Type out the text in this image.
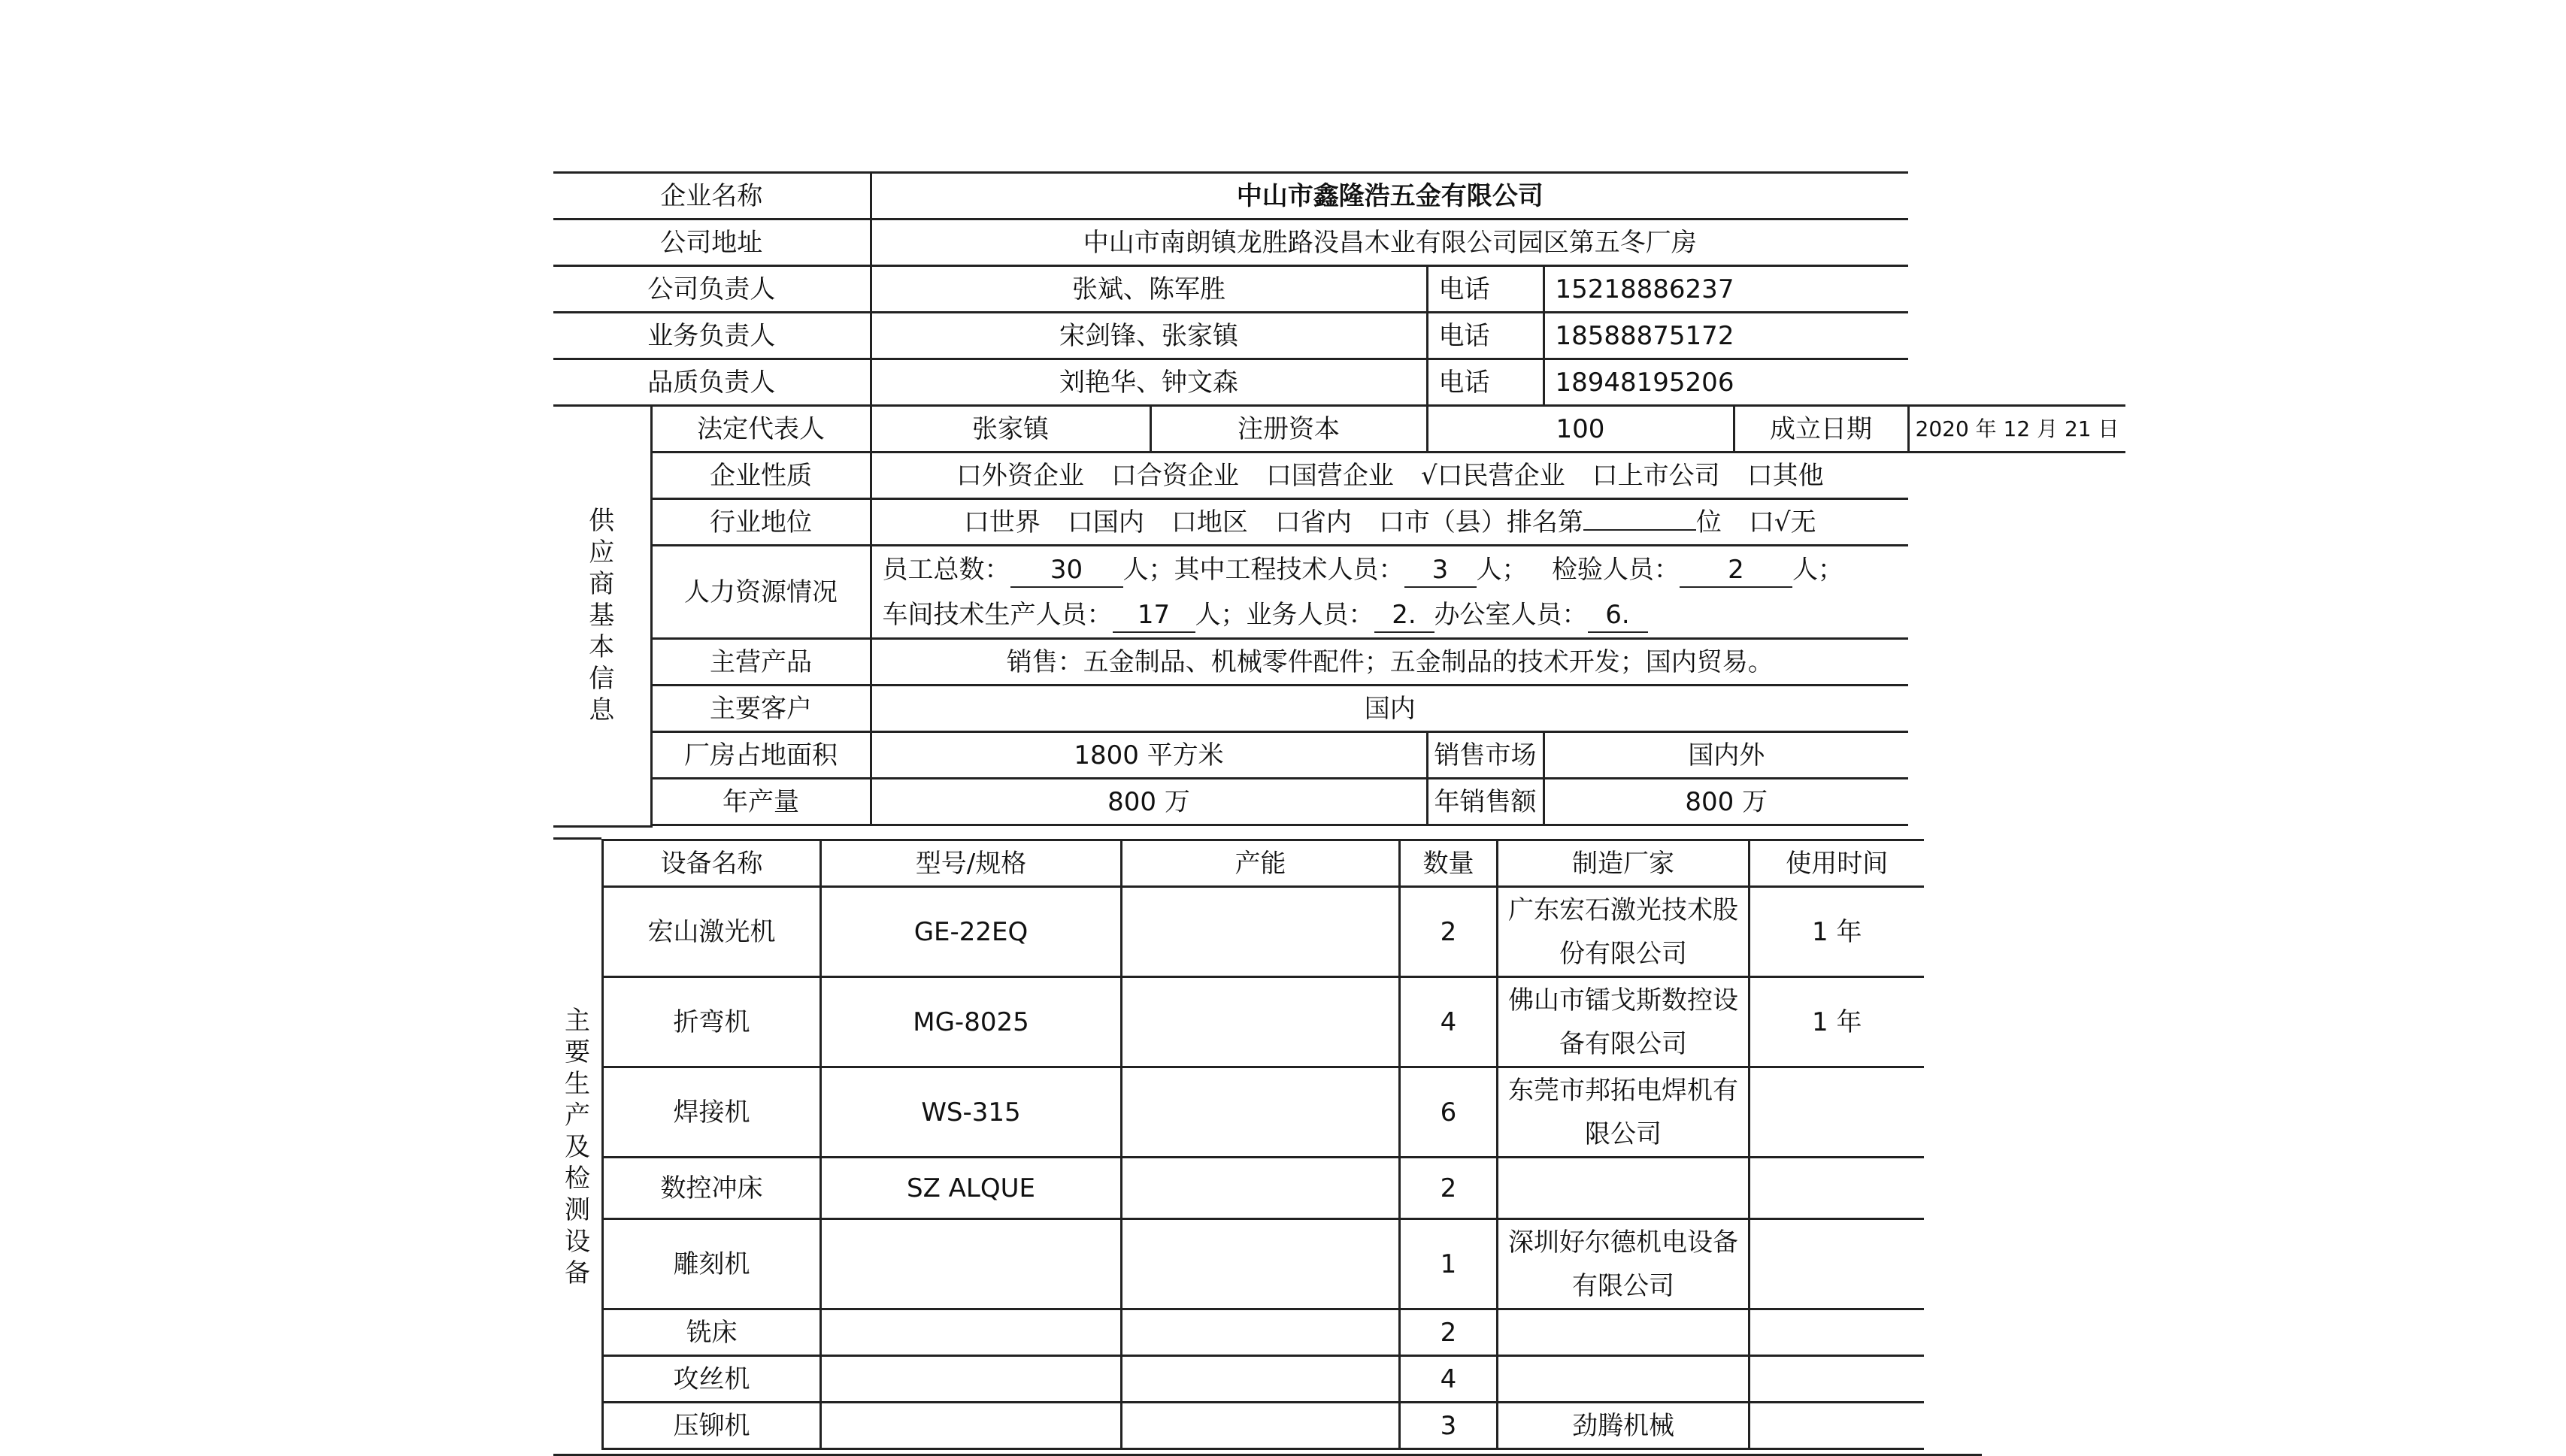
企业名称		中山市鑫隆浩五金有限公司					
公司地址		中山市南朗镇龙胜路没昌木业有限公司园区第五冬厂房					
公司负责人		张斌、陈军胜		电话	15218886237		
业务负责人		宋剑锋、张家镇		电话	18588875172		
品质负责人		刘艳华、钟文森		电话	18948195206		
供应商基本信息	法定代表人	张家镇	注册资本	100		成立日期	2020 年 12 月 21 日
	企业性质	口外资企业 口合资企业 口国营企业 √口民营企业 口上市公司 口其他					
	行业地位	口世界 口国内 口地区 口省内 口市（县）排名第 位 口√无					
	人力资源情况	员工总数： 30 人；其中工程技术人员： 3 人； 检验人员： 2 人；
车间技术生产人员： 17 人；业务人员： 2. 办公室人员： 6.					

	主营产品	销售：五金制品、机械零件配件；五金制品的技术开发；国内贸易。					
	主要客户	国内					
	厂房占地面积	1800 平方米		销售市场	国内外		
	年产量	800 万		年销售额	800 万		

设备名称	型号/规格	产能	数量	制造厂家	使用时间
宏山激光机	GE-22EQ		2	广东宏石激光技术股份有限公司	1 年
折弯机	MG-8025		4	佛山市镭戈斯数控设备有限公司	1 年
焊接机	WS-315		6	东莞市邦拓电焊机有限公司	
数控冲床	SZ ALQUE		2		
雕刻机			1	深圳好尔德机电设备有限公司	
铣床			2		
攻丝机			4		
压铆机			3	劲腾机械	
主要生产及检测设备
